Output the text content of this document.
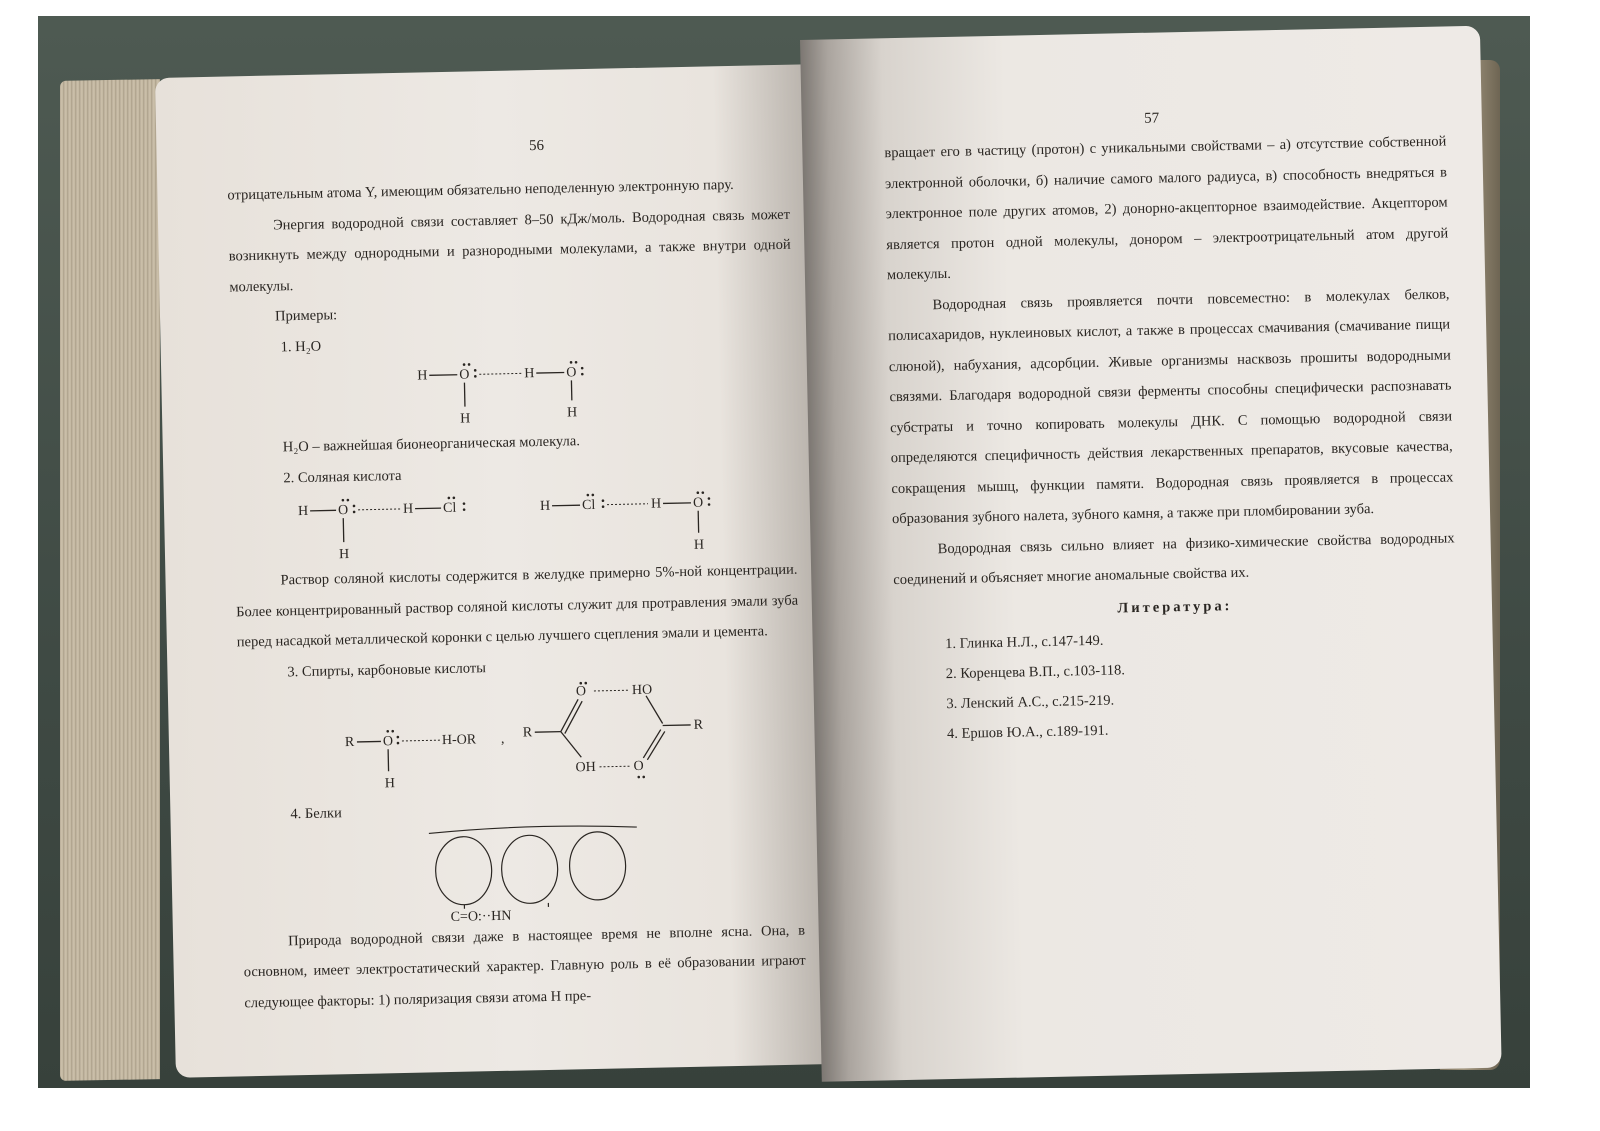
56

отрицательным атома Y, имеющим обязательно неподеленную электронную пару.

Энергия водородной связи составляет 8–50 кДж/моль. Водородная связь может возникнуть между однородными и разнородными молекулами, а также внутри одной молекулы.

Примеры:

1. H₂O

H O	H O
H	H

H₂O – важнейшая бионеорганическая молекула.

2. Соляная кислота

H O	H Cl
H
H Cl	H O
H

Раствор соляной кислоты содержится в желудке примерно 5%-ной концентрации. Более концентрированный раствор соляной кислоты служит для протравления эмали зуба перед насадкой металлической коронки с целью лучшего сцепления эмали и цемента.

3. Спирты, карбоновые кислоты

R O	H-OR
H
, R
O	HO
OH	O
R

4. Белки

C=O:··HN

Природа водородной связи даже в настоящее время не вполне ясна. Она, в основном, имеет электростатический характер. Главную роль в её образовании играют следующее факторы: 1) поляризация связи атома H пре-

57

вращает его в частицу (протон) с уникальными свойствами – а) отсутствие собственной электронной оболочки, б) наличие самого малого радиуса, в) способность внедряться в электронное поле других атомов, 2) донорно-акцепторное взаимодействие. Акцептором является протон одной молекулы, донором – электроотрицательный атом другой молекулы.

Водородная связь проявляется почти повсеместно: в молекулах белков, полисахаридов, нуклеиновых кислот, а также в процессах смачивания (смачивание пищи слюной), набухания, адсорбции. Живые организмы насквозь прошиты водородными связями. Благодаря водородной связи ферменты способны специфически распознавать субстраты и точно копировать молекулы ДНК. С помощью водородной связи определяются специфичность действия лекарственных препаратов, вкусовые качества, сокращения мышц, функции памяти. Водородная связь проявляется в процессах образования зубного налета, зубного камня, а также при пломбировании зуба.

Водородная связь сильно влияет на физико-химические свойства водородных соединений и объясняет многие аномальные свойства их.

Литература:
1. Глинка Н.Л., с.147-149.
2. Коренцева В.П., с.103-118.
3. Ленский А.С., с.215-219.
4. Ершов Ю.А., с.189-191.
